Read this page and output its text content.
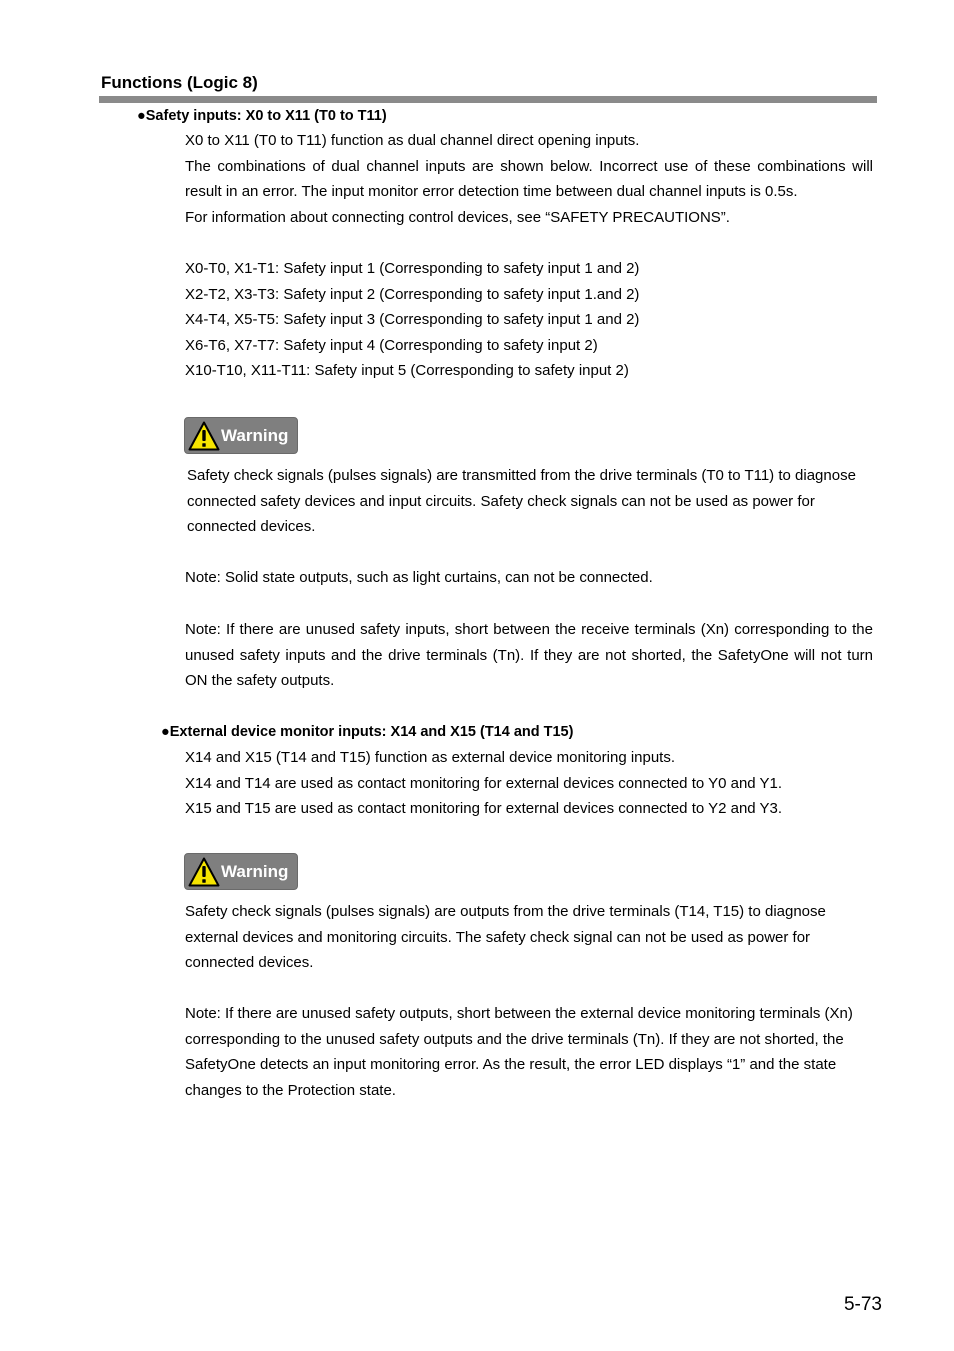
Functions (Logic 8)
●Safety inputs: X0 to X11 (T0 to T11)

X0 to X11 (T0 to T11) function as dual channel direct opening inputs.

The combinations of dual channel inputs are shown below. Incorrect use of these combinations will result in an error. The input monitor error detection time between dual channel inputs is 0.5s.

For information about connecting control devices, see “SAFETY PRECAUTIONS”.

X0-T0, X1-T1: Safety input 1 (Corresponding to safety input 1 and 2)

X2-T2, X3-T3: Safety input 2 (Corresponding to safety input 1.and 2)

X4-T4, X5-T5: Safety input 3 (Corresponding to safety input 1 and 2)

X6-T6, X7-T7: Safety input 4 (Corresponding to safety input 2)

X10-T10, X11-T11: Safety input 5 (Corresponding to safety input 2)

Warning

Safety check signals (pulses signals) are transmitted from the drive terminals (T0 to T11) to diagnose connected safety devices and input circuits. Safety check signals can not be used as power for connected devices.

Note: Solid state outputs, such as light curtains, can not be connected.

Note: If there are unused safety inputs, short between the receive terminals (Xn) corresponding to the unused safety inputs and the drive terminals (Tn). If they are not shorted, the SafetyOne will not turn ON the safety outputs.

●External device monitor inputs: X14 and X15 (T14 and T15)

X14 and X15 (T14 and T15) function as external device monitoring inputs.

X14 and T14 are used as contact monitoring for external devices connected to Y0 and Y1.

X15 and T15 are used as contact monitoring for external devices connected to Y2 and Y3.

Warning

Safety check signals (pulses signals) are outputs from the drive terminals (T14, T15) to diagnose external devices and monitoring circuits. The safety check signal can not be used as power for connected devices.

Note: If there are unused safety outputs, short between the external device monitoring terminals (Xn) corresponding to the unused safety outputs and the drive terminals (Tn). If they are not shorted, the SafetyOne detects an input monitoring error. As the result, the error LED displays “1” and the state changes to the Protection state.

5-73
